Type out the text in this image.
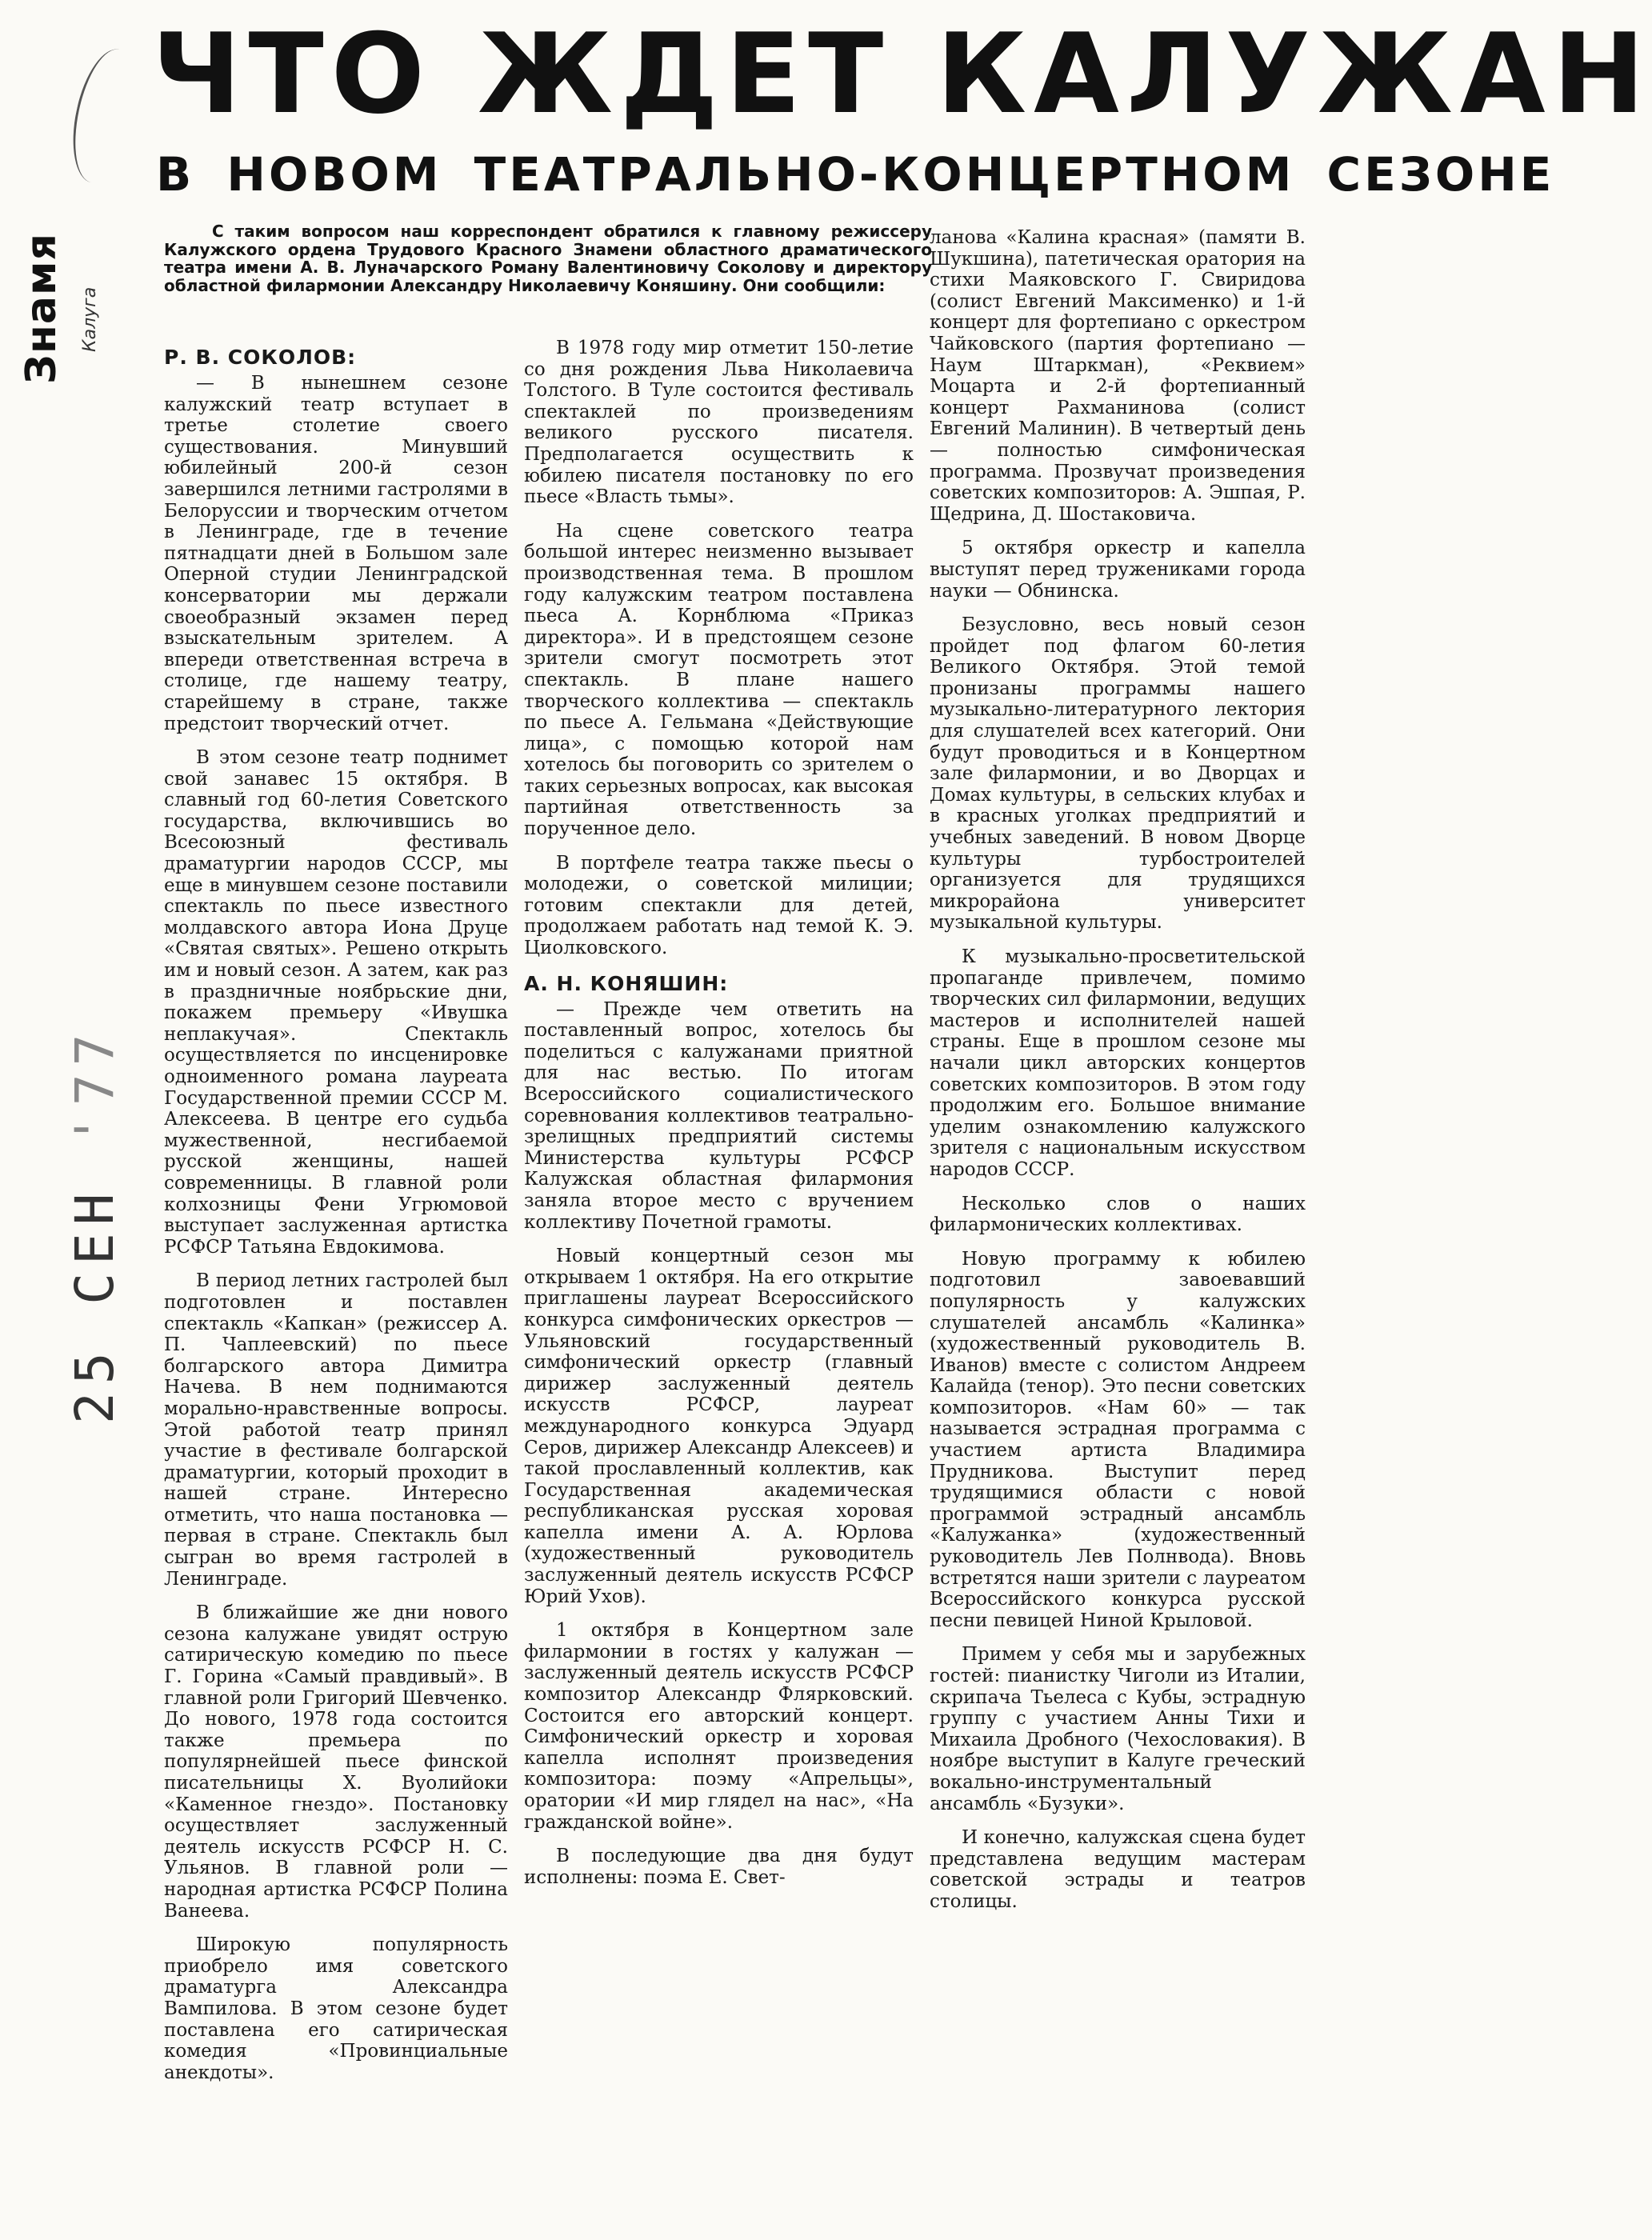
Знамя Калуга
25 СЕН '77
ЧТО ЖДЕТ КАЛУЖАН
В НОВОМ ТЕАТРАЛЬНО-КОНЦЕРТНОМ СЕЗОНЕ

С таким вопросом наш корреспондент обратился к главному режиссеру Калужского ордена Трудового Красного Знамени областного драматического театра имени А. В. Луначарского Роману Валентиновичу Соколову и директору областной филармонии Александру Николаевичу Коняшину. Они сообщили:

Р. В. СОКОЛОВ:

— В нынешнем сезоне калужский театр вступает в третье столетие своего существования. Минувший юбилейный 200-й сезон завершился летними гастролями в Белоруссии и творческим отчетом в Ленинграде, где в течение пятнадцати дней в Большом зале Оперной студии Ленинградской консерватории мы держали своеобразный экзамен перед взыскательным зрителем. А впереди ответственная встреча в столице, где нашему театру, старейшему в стране, также предстоит творческий отчет.

В этом сезоне театр поднимет свой занавес 15 октября. В славный год 60-летия Советского государства, включившись во Всесоюзный фестиваль драматургии народов СССР, мы еще в минувшем сезоне поставили спектакль по пьесе известного молдавского автора Иона Друце «Святая святых». Решено открыть им и новый сезон. А затем, как раз в праздничные ноябрьские дни, покажем премьеру «Ивушка неплакучая». Спектакль осуществляется по инсценировке одноименного романа лауреата Государственной премии СССР М. Алексеева. В центре его судьба мужественной, несгибаемой русской женщины, нашей современницы. В главной роли колхозницы Фени Угрюмовой выступает заслуженная артистка РСФСР Татьяна Евдокимова.

В период летних гастролей был подготовлен и поставлен спектакль «Капкан» (режиссер А. П. Чаплеевский) по пьесе болгарского автора Димитра Начева. В нем поднимаются морально-нравственные вопросы. Этой работой театр принял участие в фестивале болгарской драматургии, который проходит в нашей стране. Интересно отметить, что наша постановка — первая в стране. Спектакль был сыгран во время гастролей в Ленинграде.

В ближайшие же дни нового сезона калужане увидят острую сатирическую комедию по пьесе Г. Горина «Самый правдивый». В главной роли Григорий Шевченко. До нового, 1978 года состоится также премьера по популярнейшей пьесе финской писательницы Х. Вуолийоки «Каменное гнездо». Постановку осуществляет заслуженный деятель искусств РСФСР Н. С. Ульянов. В главной роли — народная артистка РСФСР Полина Ванеева.

Широкую популярность приобрело имя советского драматурга Александра Вампилова. В этом сезоне будет поставлена его сатирическая комедия «Провинциальные анекдоты».

В 1978 году мир отметит 150-летие со дня рождения Льва Николаевича Толстого. В Туле состоится фестиваль спектаклей по произведениям великого русского писателя. Предполагается осуществить к юбилею писателя постановку по его пьесе «Власть тьмы».

На сцене советского театра большой интерес неизменно вызывает производственная тема. В прошлом году калужским театром поставлена пьеса А. Корнблюма «Приказ директора». И в предстоящем сезоне зрители смогут посмотреть этот спектакль. В плане нашего творческого коллектива — спектакль по пьесе А. Гельмана «Действующие лица», с помощью которой нам хотелось бы поговорить со зрителем о таких серьезных вопросах, как высокая партийная ответственность за порученное дело.

В портфеле театра также пьесы о молодежи, о советской милиции; готовим спектакли для детей, продолжаем работать над темой К. Э. Циолковского.

А. Н. КОНЯШИН:

— Прежде чем ответить на поставленный вопрос, хотелось бы поделиться с калужанами приятной для нас вестью. По итогам Всероссийского социалистического соревнования коллективов театрально-зрелищных предприятий системы Министерства культуры РСФСР Калужская областная филармония заняла второе место с вручением коллективу Почетной грамоты.

Новый концертный сезон мы открываем 1 октября. На его открытие приглашены лауреат Всероссийского конкурса симфонических оркестров — Ульяновский государственный симфонический оркестр (главный дирижер заслуженный деятель искусств РСФСР, лауреат международного конкурса Эдуард Серов, дирижер Александр Алексеев) и такой прославленный коллектив, как Государственная академическая республиканская русская хоровая капелла имени А. А. Юрлова (художественный руководитель заслуженный деятель искусств РСФСР Юрий Ухов).

1 октября в Концертном зале филармонии в гостях у калужан — заслуженный деятель искусств РСФСР композитор Александр Флярковский. Состоится его авторский концерт. Симфонический оркестр и хоровая капелла исполнят произведения композитора: поэму «Апрельцы», оратории «И мир глядел на нас», «На гражданской войне».

В последующие два дня будут исполнены: поэма Е. Свет-

ланова «Калина красная» (памяти В. Шукшина), патетическая оратория на стихи Маяковского Г. Свиридова (солист Евгений Максименко) и 1-й концерт для фортепиано с оркестром Чайковского (партия фортепиано — Наум Штаркман), «Реквием» Моцарта и 2-й фортепианный концерт Рахманинова (солист Евгений Малинин). В четвертый день — полностью симфоническая программа. Прозвучат произведения советских композиторов: А. Эшпая, Р. Щедрина, Д. Шостаковича.

5 октября оркестр и капелла выступят перед тружениками города науки — Обнинска.

Безусловно, весь новый сезон пройдет под флагом 60-летия Великого Октября. Этой темой пронизаны программы нашего музыкально-литературного лектория для слушателей всех категорий. Они будут проводиться и в Концертном зале филармонии, и во Дворцах и Домах культуры, в сельских клубах и в красных уголках предприятий и учебных заведений. В новом Дворце культуры турбостроителей организуется для трудящихся микрорайона университет музыкальной культуры.

К музыкально-просветительской пропаганде привлечем, помимо творческих сил филармонии, ведущих мастеров и исполнителей нашей страны. Еще в прошлом сезоне мы начали цикл авторских концертов советских композиторов. В этом году продолжим его. Большое внимание уделим ознакомлению калужского зрителя с национальным искусством народов СССР.

Несколько слов о наших филармонических коллективах.

Новую программу к юбилею подготовил завоевавший популярность у калужских слушателей ансамбль «Калинка» (художественный руководитель В. Иванов) вместе с солистом Андреем Калайда (тенор). Это песни советских композиторов. «Нам 60» — так называется эстрадная программа с участием артиста Владимира Прудникова. Выступит перед трудящимися области с новой программой эстрадный ансамбль «Калужанка» (художественный руководитель Лев Полнвода). Вновь встретятся наши зрители с лауреатом Всероссийского конкурса русской песни певицей Ниной Крыловой.

Примем у себя мы и зарубежных гостей: пианистку Чиголи из Италии, скрипача Тьелеса с Кубы, эстрадную группу с участием Анны Тихи и Михаила Дробного (Чехословакия). В ноябре выступит в Калуге греческий вокально-инструментальный ансамбль «Бузуки».

И конечно, калужская сцена будет представлена ведущим мастерам советской эстрады и театров столицы.
